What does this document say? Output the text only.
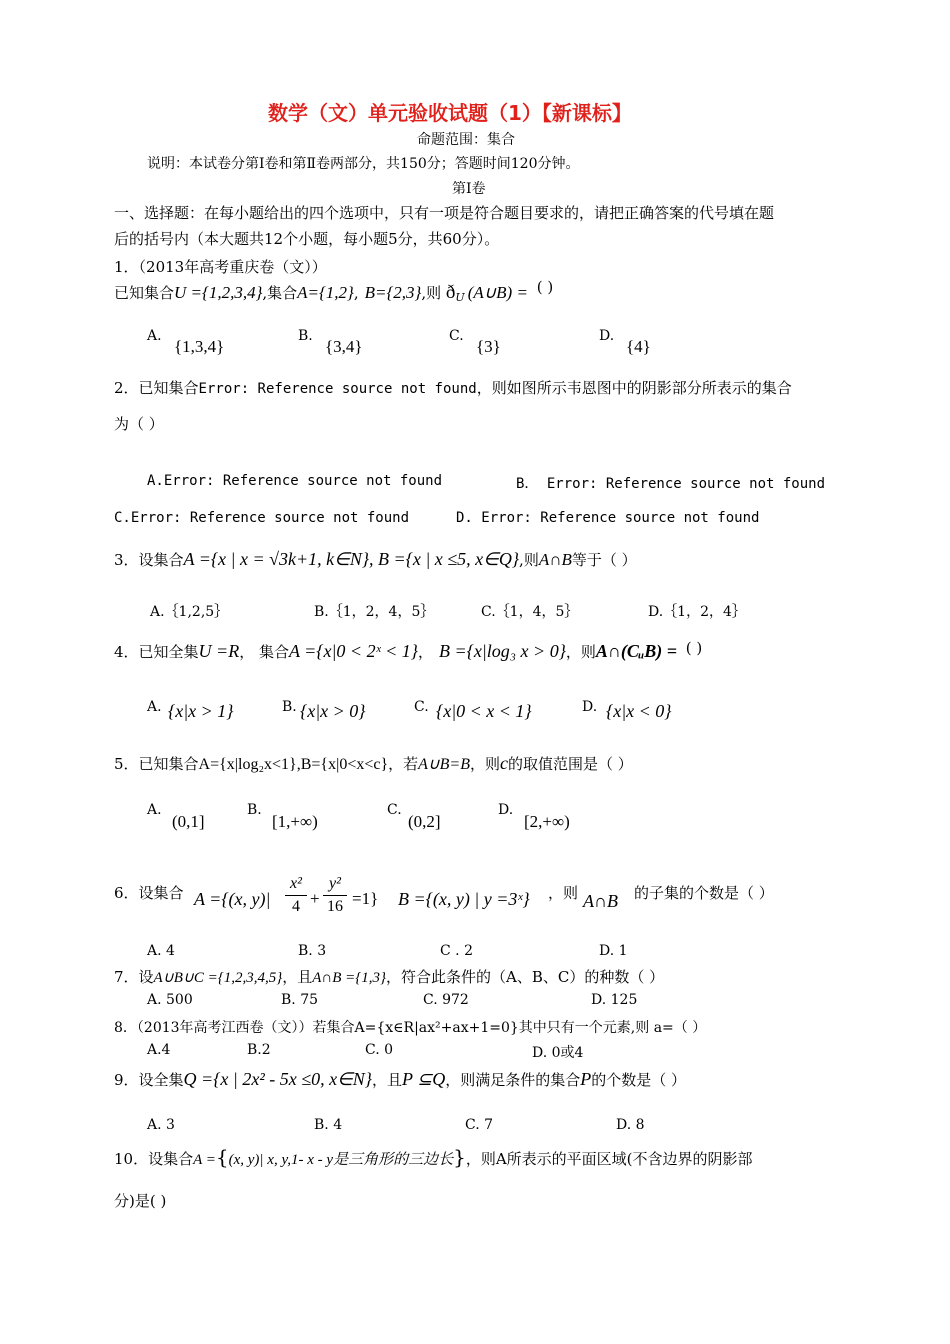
数学（文）单元验收试题（1）【新课标】
命题范围：集合
说明：本试卷分第Ⅰ卷和第Ⅱ卷两部分，共150分；答题时间120分钟。
第Ⅰ卷
一、选择题：在每小题给出的四个选项中，只有一项是符合题目要求的，请把正确答案的代号填在题
后的括号内（本大题共12个小题，每小题5分，共60分）。
1．（2013年高考重庆卷（文））
已知集合U ={1,2,3,4},集合A={1,2}, B={2,3},则 $ð_U$ (A∪B) = ( )
A.
{1,3,4}
B.
{3,4}
C.
{3}
D.
{4}
2．已知集合Error: Reference source not found，则如图所示韦恩图中的阴影部分所表示的集合
为（ ）
A.Error: Reference source not found	B． Error: Reference source not found
C.Error: Reference source not found	D. Error: Reference source not found
3．设集合A ={x | x = √3k+1, k∈N}, B ={x | x ≤5, x∈Q},则A∩B等于（ ）
A.｛1,2,5｝	B.｛1，2，4，5｝	C.｛1，4，5｝	D.｛1，2，4｝
4．已知全集U =R， 集合A ={x|0 < 2ˣ < 1}， B ={x|log₃ x > 0}，则A∩(CᵤB) = ( )
A. {x|x > 1}	B. {x|x > 0}	C. {x|0 < x < 1}	D. {x|x < 0}
5．已知集合A={x|log₂x<1},B={x|0<x<c}，若A∪B=B，则c的取值范围是（ ）
A.
(0,1]
B.
[1,+∞)
C.
(0,2]
D.
[2,+∞)
6．设集合 A ={(x, y)|
x²
4 +
y²
16 =1} B ={(x, y) | y =3ˣ} ，则 A∩B 的子集的个数是（ ）
A. 4	B. 3	C . 2	D. 1
7．设A∪B∪C ={1,2,3,4,5}，且A∩B ={1,3}，符合此条件的（A、B、C）的种数（ ）
A. 500	B. 75	C. 972	D. 125
8．（2013年高考江西卷（文））若集合A={x∈R|ax²+ax+1=0}其中只有一个元素,则 a=（ ）
A.4	B.2	C. 0	D. 0或4
9．设全集Q ={x | 2x² - 5x ≤0, x∈N}，且P ⊆Q，则满足条件的集合P的个数是（ ）
A. 3	B. 4	C. 7	D. 8
10．设集合A ={(x, y)| x, y,1- x - y是三角形的三边长}，则A所表示的平面区域(不含边界的阴影部
分)是( )
